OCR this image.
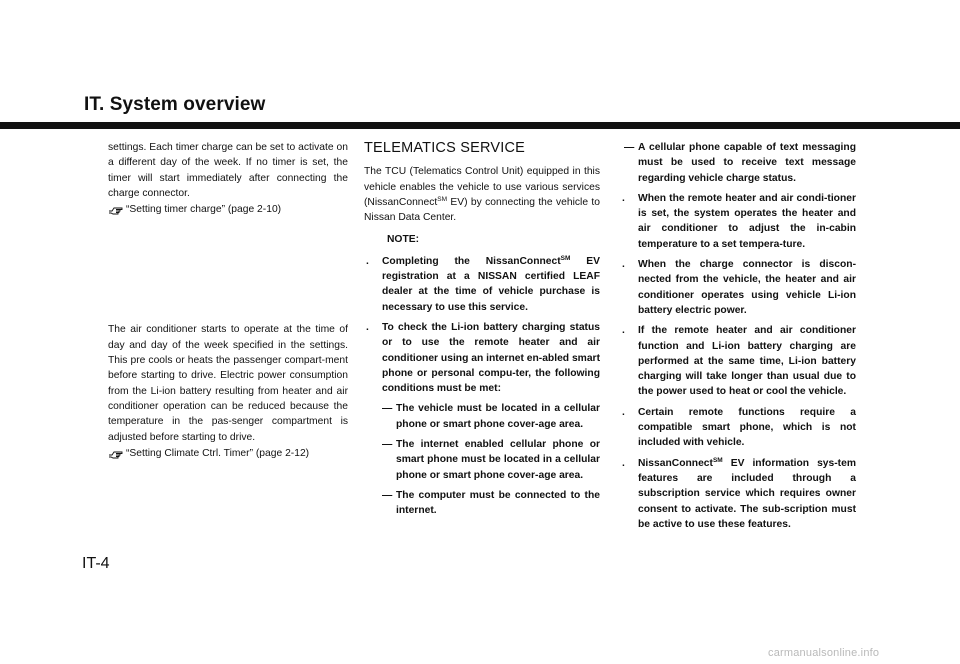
IT. System overview

settings. Each timer charge can be set to activate on a different day of the week. If no timer is set, the timer will start immediately after connecting the charge connector.

“Setting timer charge” (page 2-10)

The air conditioner starts to operate at the time of day and day of the week specified in the settings. This pre cools or heats the passenger compart-ment before starting to drive. Electric power consumption from the Li-ion battery resulting from heater and air conditioner operation can be reduced because the temperature in the pas-senger compartment is adjusted before starting to drive.

“Setting Climate Ctrl. Timer” (page 2-12)
TELEMATICS SERVICE

The TCU (Telematics Control Unit) equipped in this vehicle enables the vehicle to use various services (NissanConnect℠ EV) by connecting the vehicle to Nissan Data Center.

NOTE:

. Completing the NissanConnect℠ EV registration at a NISSAN certified LEAF dealer at the time of vehicle purchase is necessary to use this service.
. To check the Li-ion battery charging status or to use the remote heater and air conditioner using an internet en-abled smart phone or personal compu-ter, the following conditions must be met:
— The vehicle must be located in a cellular phone or smart phone cover-age area.
— The internet enabled cellular phone or smart phone must be located in a cellular phone or smart phone cover-age area.
— The computer must be connected to the internet.
— A cellular phone capable of text messaging must be used to receive text message regarding vehicle charge status.
. When the remote heater and air condi-tioner is set, the system operates the heater and air conditioner to adjust the in-cabin temperature to a set tempera-ture.
. When the charge connector is discon-nected from the vehicle, the heater and air conditioner operates using vehicle Li-ion battery electric power.
. If the remote heater and air conditioner function and Li-ion battery charging are performed at the same time, Li-ion battery charging will take longer than usual due to the power used to heat or cool the vehicle.
. Certain remote functions require a compatible smart phone, which is not included with vehicle.
. NissanConnect℠ EV information sys-tem features are included through a subscription service which requires owner consent to activate. The sub-scription must be active to use these features.
IT-4
carmanualsonline.info
